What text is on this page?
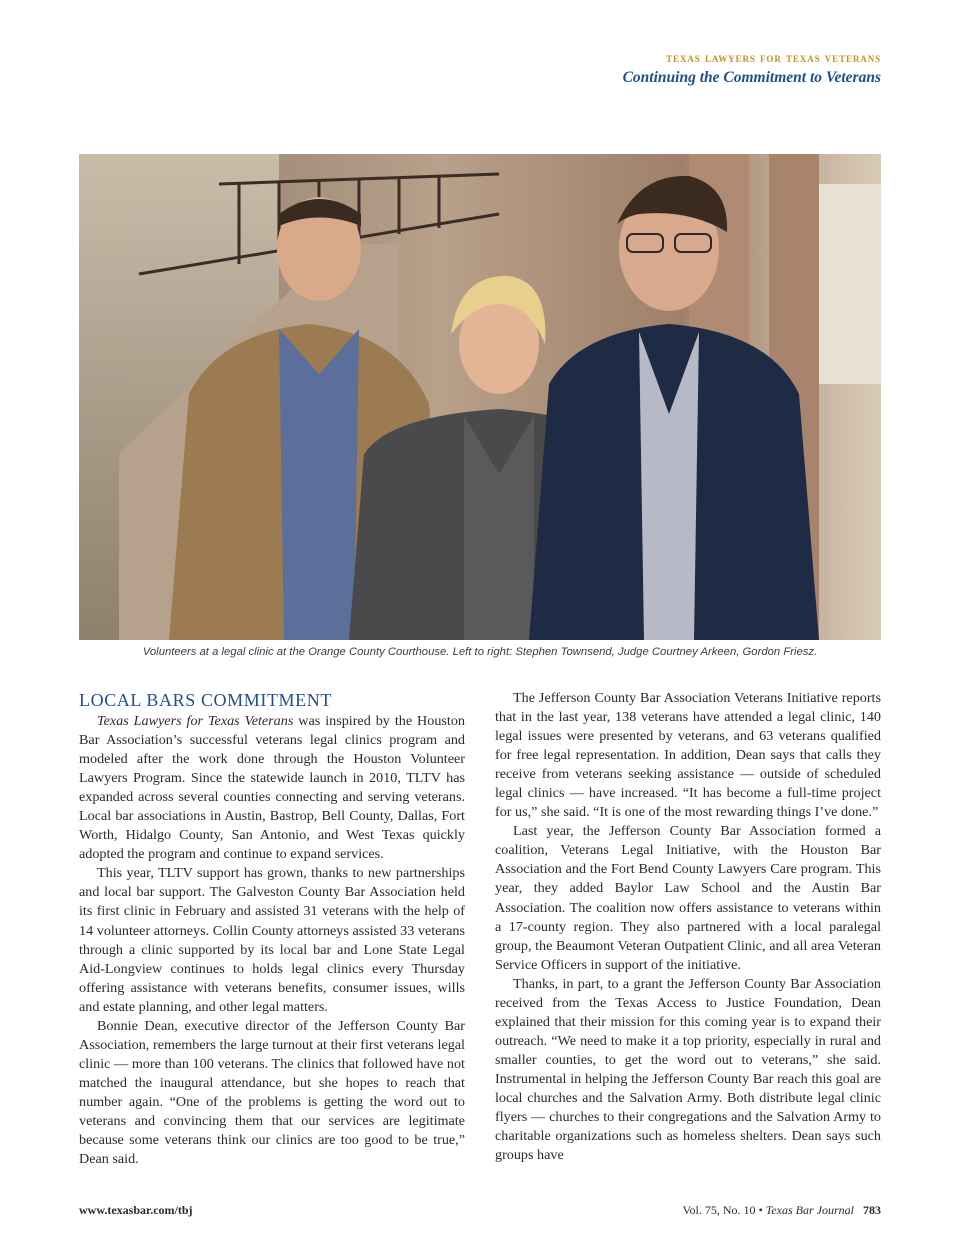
texas lawyers for texas veterans
Continuing the Commitment to Veterans
Volunteers at a legal clinic at the Orange County Courthouse. Left to right: Stephen Townsend, Judge Courtney Arkeen, Gordon Friesz.
LOCAL BARS COMMITMENT

Texas Lawyers for Texas Veterans was inspired by the Houston Bar Association’s successful veterans legal clinics program and modeled after the work done through the Houston Volunteer Lawyers Program. Since the statewide launch in 2010, TLTV has expanded across several counties connecting and serving veterans. Local bar associations in Austin, Bastrop, Bell County, Dallas, Fort Worth, Hidalgo County, San Antonio, and West Texas quickly adopted the program and continue to expand services.

This year, TLTV support has grown, thanks to new partnerships and local bar support. The Galveston County Bar Association held its first clinic in February and assisted 31 veterans with the help of 14 volunteer attorneys. Collin County attorneys assisted 33 veterans through a clinic supported by its local bar and Lone State Legal Aid-Longview continues to holds legal clinics every Thursday offering assistance with veterans benefits, consumer issues, wills and estate planning, and other legal matters.

Bonnie Dean, executive director of the Jefferson County Bar Association, remembers the large turnout at their first veterans legal clinic — more than 100 veterans. The clinics that followed have not matched the inaugural attendance, but she hopes to reach that number again. “One of the problems is getting the word out to veterans and convincing them that our services are legitimate because some veterans think our clinics are too good to be true,” Dean said.

The Jefferson County Bar Association Veterans Initiative reports that in the last year, 138 veterans have attended a legal clinic, 140 legal issues were presented by veterans, and 63 veterans qualified for free legal representation. In addition, Dean says that calls they receive from veterans seeking assistance — outside of scheduled legal clinics — have increased. “It has become a full-time project for us,” she said. “It is one of the most rewarding things I’ve done.”

Last year, the Jefferson County Bar Association formed a coalition, Veterans Legal Initiative, with the Houston Bar Association and the Fort Bend County Lawyers Care program. This year, they added Baylor Law School and the Austin Bar Association. The coalition now offers assistance to veterans within a 17-county region. They also partnered with a local paralegal group, the Beaumont Veteran Outpatient Clinic, and all area Veteran Service Officers in support of the initiative.

Thanks, in part, to a grant the Jefferson County Bar Association received from the Texas Access to Justice Foundation, Dean explained that their mission for this coming year is to expand their outreach. “We need to make it a top priority, especially in rural and smaller counties, to get the word out to veterans,” she said. Instrumental in helping the Jefferson County Bar reach this goal are local churches and the Salvation Army. Both distribute legal clinic flyers — churches to their congregations and the Salvation Army to charitable organizations such as homeless shelters. Dean says such groups have

www.texasbar.com/tbj	Vol. 75, No. 10 • Texas Bar Journal 783
